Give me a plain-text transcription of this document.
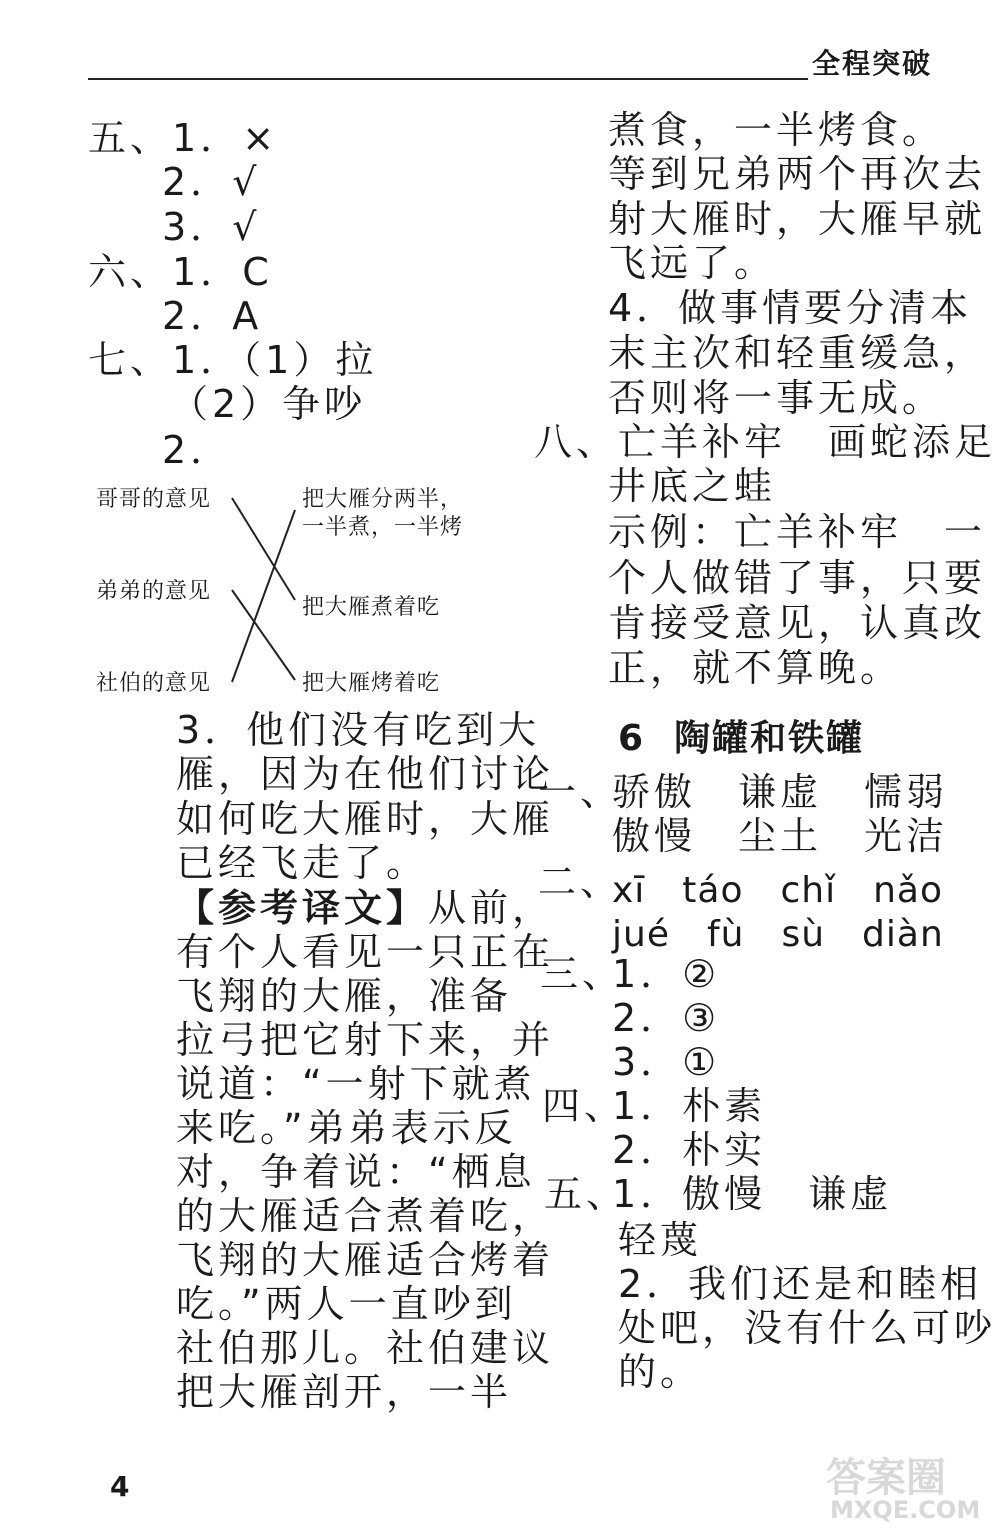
全程突破
五、1．×
2．√
3．√
六、1．C
2．A
七、1．（1）拉
（2）争吵
2．
哥哥的意见
弟弟的意见
社伯的意见
把大雁分两半，
一半煮，一半烤
把大雁煮着吃
把大雁烤着吃
3．他们没有吃到大
雁，因为在他们讨论
如何吃大雁时，大雁
已经飞走了。
【参考译文】从前，
有个人看见一只正在
飞翔的大雁，准备
拉弓把它射下来，并
说道：“一射下就煮
来吃。”弟弟表示反
对，争着说：“栖息
的大雁适合煮着吃，
飞翔的大雁适合烤着
吃。”两人一直吵到
社伯那儿。社伯建议
把大雁剖开，一半
煮食，一半烤食。
等到兄弟两个再次去
射大雁时，大雁早就
飞远了。
4．做事情要分清本
末主次和轻重缓急，
否则将一事无成。
八、亡羊补牢　画蛇添足
井底之蛙
示例：亡羊补牢　一
个人做错了事，只要
肯接受意见，认真改
正，就不算晚。
6 陶罐和铁罐
一、
骄傲　谦虚　懦弱
傲慢　尘土　光洁
二、
xī　táo　chǐ　nǎo
jué　fù　sù　diàn
三、
1．②
2．③
3．①
四、
1．朴素
2．朴实
五、
1．傲慢　谦虚
轻蔑
2．我们还是和睦相
处吧，没有什么可吵
的。
4	答案圈
MXQE.COM
